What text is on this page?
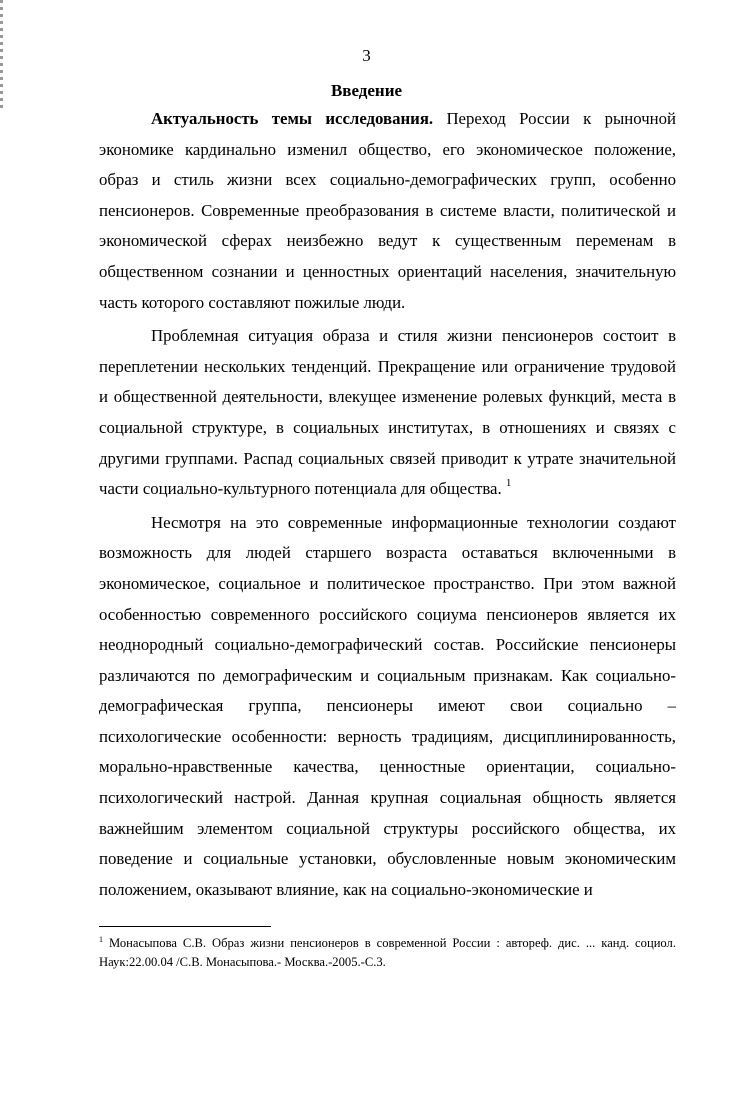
3
Введение

Актуальность темы исследования. Переход России к рыночной экономике кардинально изменил общество, его экономическое положение, образ и стиль жизни всех социально-демографических групп, особенно пенсионеров. Современные преобразования в системе власти, политической и экономической сферах неизбежно ведут к существенным переменам в общественном сознании и ценностных ориентаций населения, значительную часть которого составляют пожилые люди.

Проблемная ситуация образа и стиля жизни пенсионеров состоит в переплетении нескольких тенденций. Прекращение или ограничение трудовой и общественной деятельности, влекущее изменение ролевых функций, места в социальной структуре, в социальных институтах, в отношениях и связях с другими группами. Распад социальных связей приводит к утрате значительной части социально-культурного потенциала для общества. $^1$

Несмотря на это современные информационные технологии создают возможность для людей старшего возраста оставаться включенными в экономическое, социальное и политическое пространство. При этом важной особенностью современного российского социума пенсионеров является их неоднородный социально-демографический состав. Российские пенсионеры различаются по демографическим и социальным признакам. Как социально-демографическая группа, пенсионеры имеют свои социально – психологические особенности: верность традициям, дисциплинированность, морально-нравственные качества, ценностные ориентации, социально-психологический настрой. Данная крупная социальная общность является важнейшим элементом социальной структуры российского общества, их поведение и социальные установки, обусловленные новым экономическим положением, оказывают влияние, как на социально-экономические и

$^1$ Монасыпова С.В. Образ жизни пенсионеров в современной России : автореф. дис. ... канд. социол. Наук:22.00.04 /С.В. Монасыпова.- Москва.-2005.-С.3.
